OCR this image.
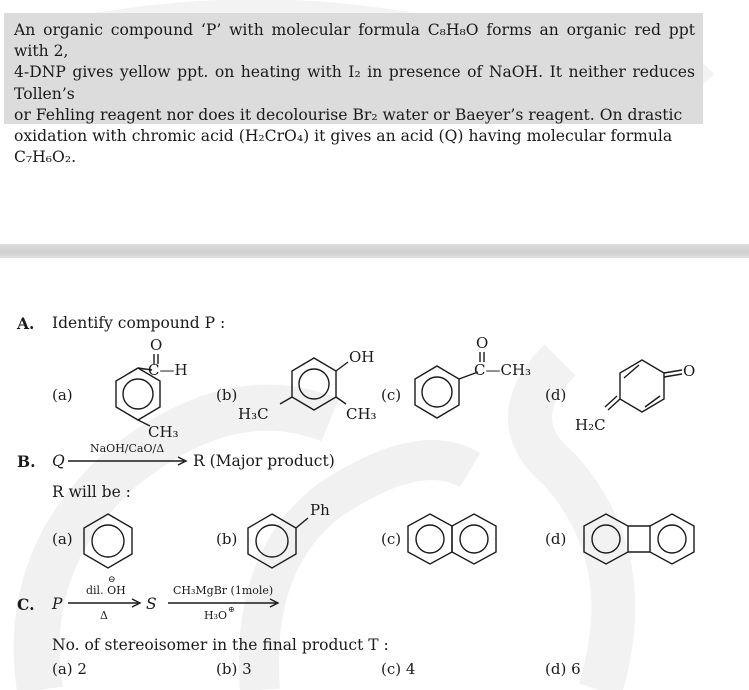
An organic compound ‘P’ with molecular formula C₈H₈O forms an organic red ppt with 2,
4-DNP gives yellow ppt. on heating with I₂ in presence of NaOH. It neither reduces Tollen’s
or Fehling reagent nor does it decolourise Br₂ water or Baeyer’s reagent. On drastic
oxidation with chromic acid (H₂CrO₄) it gives an acid (Q) having molecular formula
C₇H₆O₂.
A. Identify compound P :
(a)	(b)	(c)	(d)
O
C—H
CH₃
OH
H₃C	CH₃
O
C—CH₃	O
H₂C
B. Q
NaOH/CaO/Δ
R (Major product)
R will be :
(a)	(b)	(c)	(d)
Ph
C. P
⊖
dil. OH
Δ
S
CH₃MgBr (1mole)
H₃O ⊕
No. of stereoisomer in the final product T :
(a) 2	(b) 3	(c) 4	(d) 6
